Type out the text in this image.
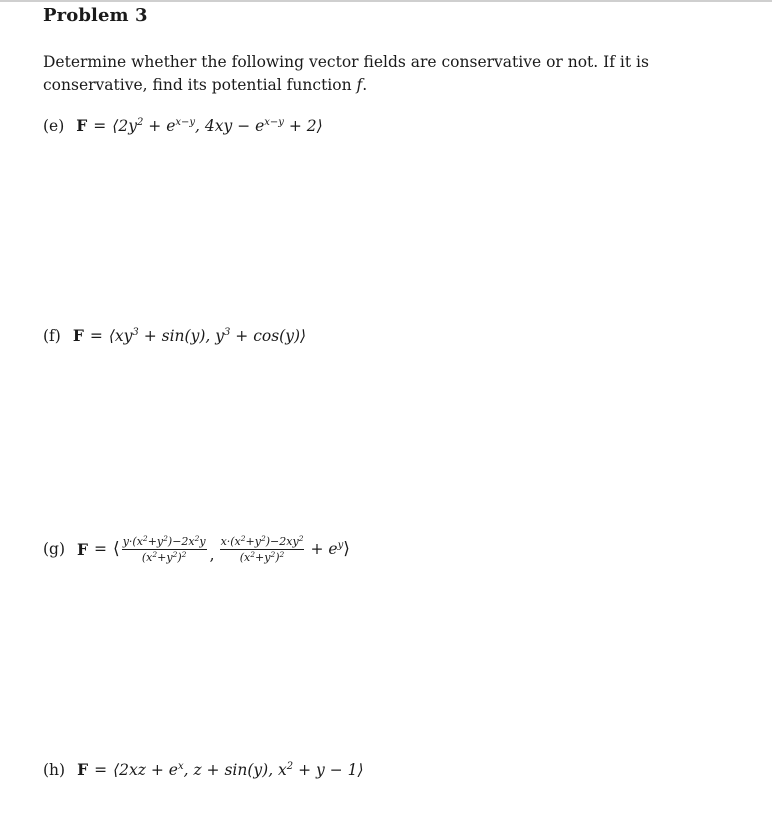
Problem 3
Determine whether the following vector fields are conservative or not. If it is conservative, find its potential function f.
(e) $F = ⟨2y^2 + e^{x-y}$, $4xy - e^{x-y}$ + 2⟩
(f) $F = ⟨xy^3 + \sin(y)$, $y^3$ + cos(y)⟩
(g) F = ⟨ $\frac{y\cdot(x^2+y^2)-2x^2y}{(x^2+y^2)^2}$ , $\frac{x\cdot(x^2+y^2)-2xy^2}{(x^2+y^2)^2} + e^y$ ⟩
(h) F = ⟨2xz + $e^x$, z + sin(y), $x^2 + y$ − 1⟩
